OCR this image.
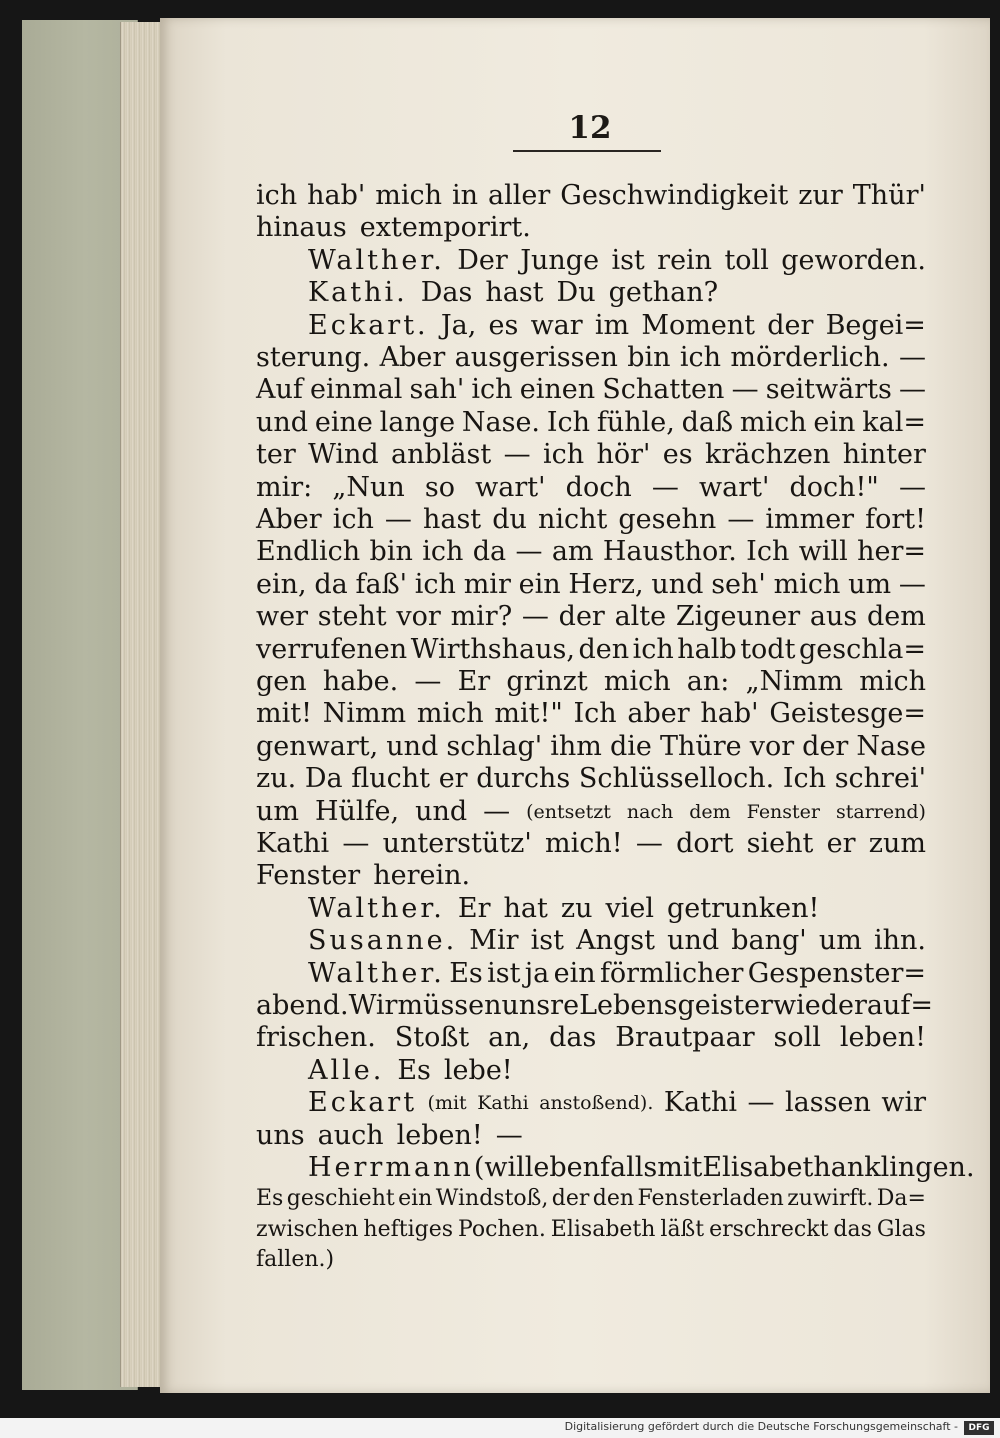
12
ich hab' mich in aller Geschwindigkeit zur Thür'
hinaus extemporirt.
Walther. Der Junge ist rein toll geworden.
Kathi. Das hast Du gethan?
Eckart. Ja, es war im Moment der Begei=
sterung. Aber ausgerissen bin ich mörderlich. —
Auf einmal sah' ich einen Schatten — seitwärts —
und eine lange Nase. Ich fühle, daß mich ein kal=
ter Wind anbläst — ich hör' es krächzen hinter
mir: „Nun so wart' doch — wart' doch!" —
Aber ich — hast du nicht gesehn — immer fort!
Endlich bin ich da — am Hausthor. Ich will her=
ein, da faß' ich mir ein Herz, und seh' mich um —
wer steht vor mir? — der alte Zigeuner aus dem
verrufenen Wirthshaus, den ich halb todt geschla=
gen habe. — Er grinzt mich an: „Nimm mich
mit! Nimm mich mit!" Ich aber hab' Geistesge=
genwart, und schlag' ihm die Thüre vor der Nase
zu. Da flucht er durchs Schlüsselloch. Ich schrei'
um Hülfe, und — (entsetzt nach dem Fenster starrend)
Kathi — unterstütz' mich! — dort sieht er zum
Fenster herein.
Walther. Er hat zu viel getrunken!
Susanne. Mir ist Angst und bang' um ihn.
Walther. Es ist ja ein förmlicher Gespenster=
abend. Wir müssen unsre Lebensgeister wieder auf=
frischen. Stoßt an, das Brautpaar soll leben!
Alle. Es lebe!
Eckart (mit Kathi anstoßend). Kathi — lassen wir
uns auch leben! —
Herrmann (will ebenfalls mit Elisabeth anklingen.
Es geschieht ein Windstoß, der den Fensterladen zuwirft. Da=
zwischen heftiges Pochen. Elisabeth läßt erschreckt das Glas
fallen.)
Digitalisierung gefördert durch die Deutsche Forschungsgemeinschaft -	DFG
